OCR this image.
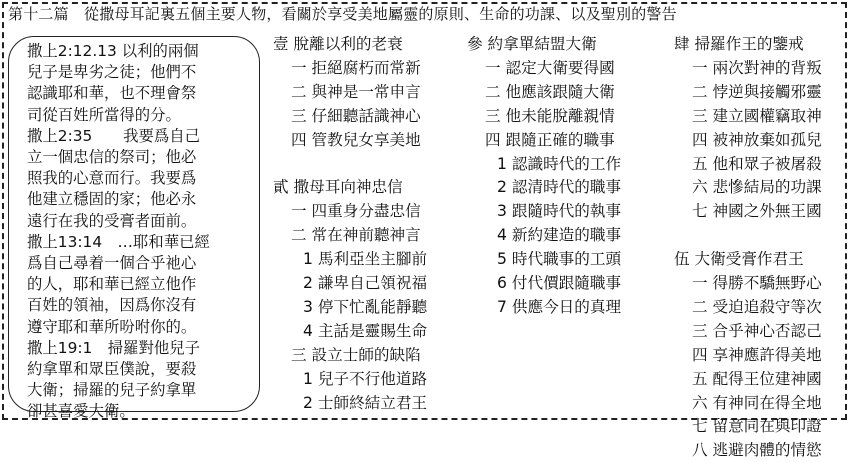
第十二篇　從撒母耳記裏五個主要人物，看關於享受美地屬靈的原則、生命的功課、以及聖別的警告
撒上2:12.13 以利的兩個
兒子是卑劣之徒；他們不
認識耶和華，也不理會祭
司從百姓所當得的分。
撒上2:35　　我要爲自己
立一個忠信的祭司；他必
照我的心意而行。我要爲
他建立穩固的家；他必永
遠行在我的受膏者面前。
撒上13:14　…耶和華已經
爲自己尋着一個合乎祂心
的人，耶和華已經立他作
百姓的領袖，因爲你沒有
遵守耶和華所吩咐你的。
撒上19:1　掃羅對他兒子
約拿單和眾臣僕說，要殺
大衛；掃羅的兒子約拿單
卻甚喜愛大衛。
壹 脫離以利的老衰
一 拒絕腐朽而常新
二 與神是一常申言
三 仔細聽話識神心
四 管教兒女享美地
貳 撒母耳向神忠信
一 四重身分盡忠信
二 常在神前聽神言
1 馬利亞坐主腳前
2 謙卑自己領祝福
3 停下忙亂能靜聽
4 主話是靈賜生命
三 設立士師的缺陷
1 兒子不行他道路
2 士師終結立君王
參 約拿單結盟大衛
一 認定大衛要得國
二 他應該跟隨大衛
三 他未能脫離親情
四 跟隨正確的職事
1 認識時代的工作
2 認清時代的職事
3 跟隨時代的執事
4 新約建造的職事
5 時代職事的工頭
6 付代價跟隨職事
7 供應今日的真理
肆 掃羅作王的鑒戒
一 兩次對神的背叛
二 悖逆與接觸邪靈
三 建立國權竊取神
四 被神放棄如孤兒
五 他和眾子被屠殺
六 悲慘結局的功課
七 神國之外無王國
伍 大衛受膏作君王
一 得勝不驕無野心
二 受迫追殺守等次
三 合乎神心否認己
四 享神應許得美地
五 配得王位建神國
六 有神同在得全地
七 留意同在與印證
八 逃避肉體的情慾
